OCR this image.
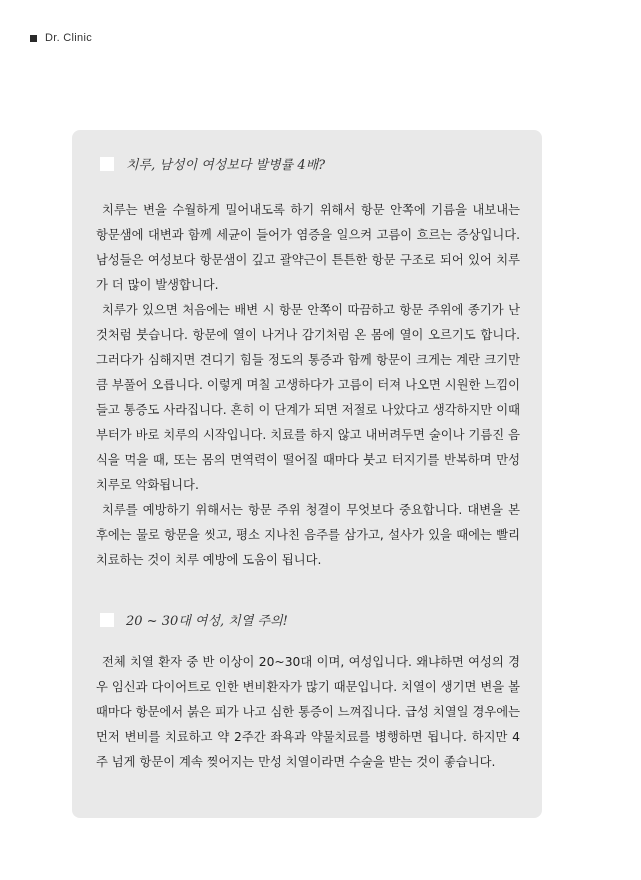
Dr. Clinic
치루, 남성이 여성보다 발병률 4배?

치루는 변을 수월하게 밀어내도록 하기 위해서 항문 안쪽에 기름을 내보내는 항문샘에 대변과 함께 세균이 들어가 염증을 일으켜 고름이 흐르는 증상입니다. 남성들은 여성보다 항문샘이 깊고 괄약근이 튼튼한 항문 구조로 되어 있어 치루가 더 많이 발생합니다.

치루가 있으면 처음에는 배변 시 항문 안쪽이 따끔하고 항문 주위에 종기가 난 것처럼 붓습니다. 항문에 열이 나거나 감기처럼 온 몸에 열이 오르기도 합니다. 그러다가 심해지면 견디기 힘들 정도의 통증과 함께 항문이 크게는 계란 크기만큼 부풀어 오릅니다. 이렇게 며칠 고생하다가 고름이 터져 나오면 시원한 느낌이 들고 통증도 사라집니다. 흔히 이 단계가 되면 저절로 나았다고 생각하지만 이때부터가 바로 치루의 시작입니다. 치료를 하지 않고 내버려두면 술이나 기름진 음식을 먹을 때, 또는 몸의 면역력이 떨어질 때마다 붓고 터지기를 반복하며 만성 치루로 악화됩니다.

치루를 예방하기 위해서는 항문 주위 청결이 무엇보다 중요합니다. 대변을 본 후에는 물로 항문을 씻고, 평소 지나친 음주를 삼가고, 설사가 있을 때에는 빨리 치료하는 것이 치루 예방에 도움이 됩니다.

20 ~ 30대 여성, 치열 주의!

전체 치열 환자 중 반 이상이 20~30대 이며, 여성입니다. 왜냐하면 여성의 경우 임신과 다이어트로 인한 변비환자가 많기 때문입니다. 치열이 생기면 변을 볼 때마다 항문에서 붉은 피가 나고 심한 통증이 느껴집니다. 급성 치열일 경우에는 먼저 변비를 치료하고 약 2주간 좌욕과 약물치료를 병행하면 됩니다. 하지만 4주 넘게 항문이 계속 찢어지는 만성 치열이라면 수술을 받는 것이 좋습니다.
